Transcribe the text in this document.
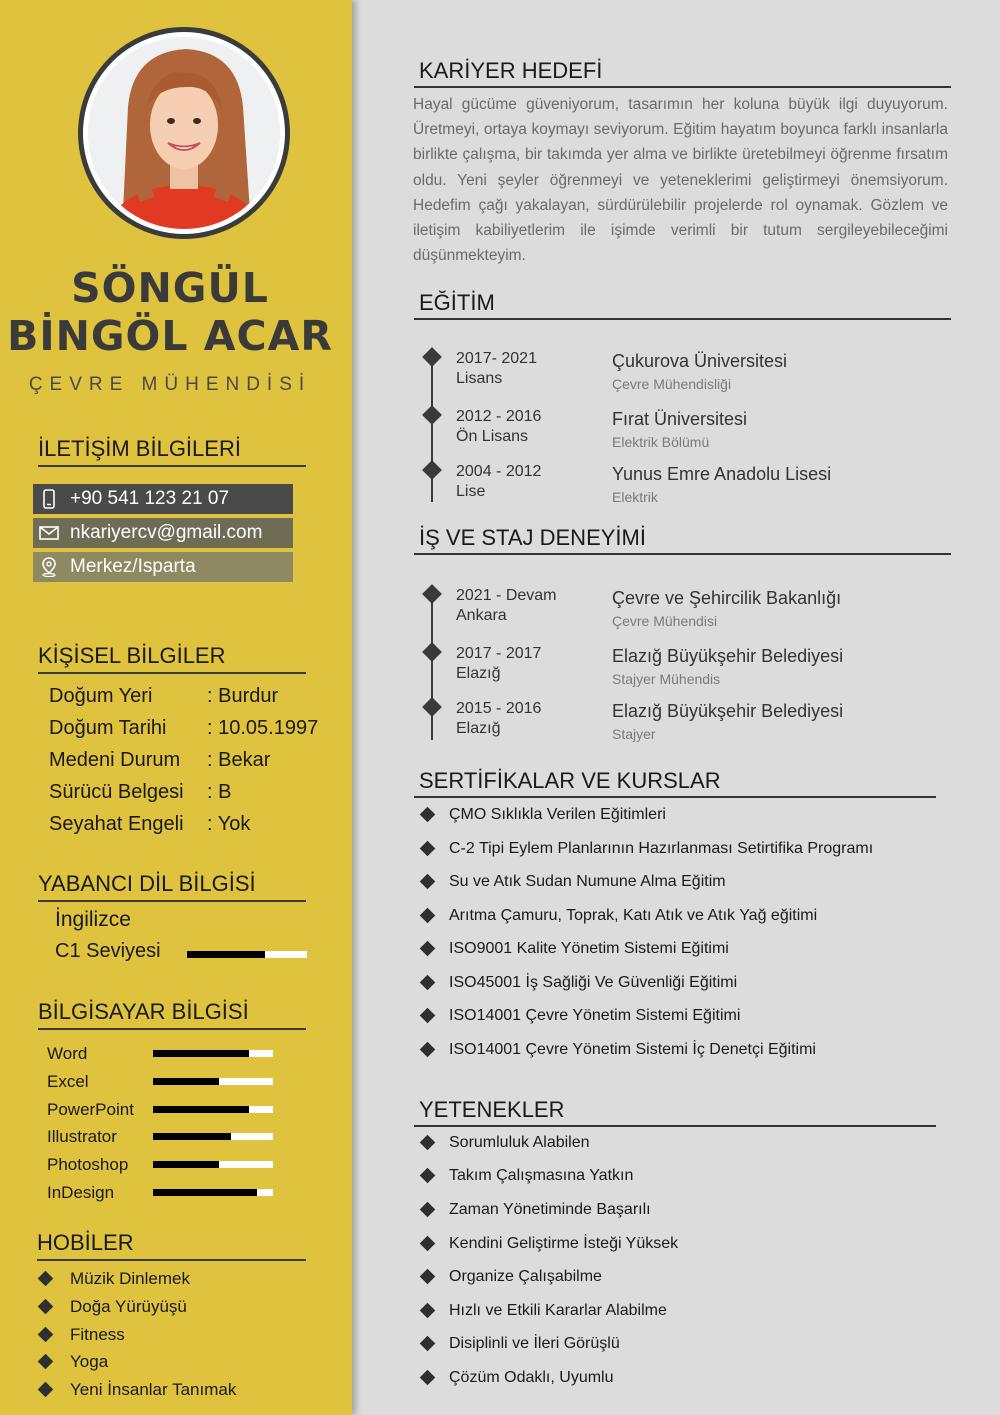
SÖNGÜL
BİNGÖL ACAR
ÇEVRE MÜHENDİSİ
İLETİŞİM BİLGİLERİ
+90 541 123 21 07
nkariyercv@gmail.com
Merkez/Isparta
KİŞİSEL BİLGİLER
Doğum Yeri	: Burdur
Doğum Tarihi : 10.05.1997
Medeni Durum : Bekar
Sürücü Belgesi : B
Seyahat Engeli : Yok
YABANCI DİL BİLGİSİ
İngilizce
C1 Seviyesi
BİLGİSAYAR BİLGİSİ
Word
Excel
PowerPoint
Illustrator
Photoshop
InDesign
HOBİLER
Müzik Dinlemek
Doğa Yürüyüşü
Fitness
Yoga
Yeni İnsanlar Tanımak
KARİYER HEDEFİ
Hayal gücüme güveniyorum, tasarımın her koluna büyük ilgi duyuyorum. Üretmeyi, ortaya koymayı seviyorum. Eğitim hayatım boyunca farklı insanlarla birlikte çalışma, bir takımda yer alma ve birlikte üretebilmeyi öğrenme fırsatım oldu. Yeni şeyler öğrenmeyi ve yeteneklerimi geliştirmeyi önemsiyorum. Hedefim çağı yakalayan, sürdürülebilir projelerde rol oynamak. Gözlem ve iletişim kabiliyetlerim ile işimde verimli bir tutum sergileyebileceğimi düşünmekteyim.
EĞİTİM
2017- 2021
Lisans
Çukurova Üniversitesi
Çevre Mühendisliği
2012 - 2016
Ön Lisans
Fırat Üniversitesi
Elektrik Bölümü
2004 - 2012
Lise
Yunus Emre Anadolu Lisesi
Elektrik
İŞ VE STAJ DENEYİMİ
2021 - Devam
Ankara
Çevre ve Şehircilik Bakanlığı
Çevre Mühendisi
2017 - 2017
Elazığ
Elazığ Büyükşehir Belediyesi
Stajyer Mühendis
2015 - 2016
Elazığ
Elazığ Büyükşehir Belediyesi
Stajyer
SERTİFİKALAR VE KURSLAR
ÇMO Sıklıkla Verilen Eğitimleri
C-2 Tipi Eylem Planlarının Hazırlanması Setirtifika Programı
Su ve Atık Sudan Numune Alma Eğitim
Arıtma Çamuru, Toprak, Katı Atık ve Atık Yağ eğitimi
ISO9001 Kalite Yönetim Sistemi Eğitimi
ISO45001 İş Sağliği Ve Güvenliği Eğitimi
ISO14001 Çevre Yönetim Sistemi Eğitimi
ISO14001 Çevre Yönetim Sistemi İç Denetçi Eğitimi
YETENEKLER
Sorumluluk Alabilen
Takım Çalışmasına Yatkın
Zaman Yönetiminde Başarılı
Kendini Geliştirme İsteği Yüksek
Organize Çalışabilme
Hızlı ve Etkili Kararlar Alabilme
Disiplinli ve İleri Görüşlü
Çözüm Odaklı, Uyumlu
